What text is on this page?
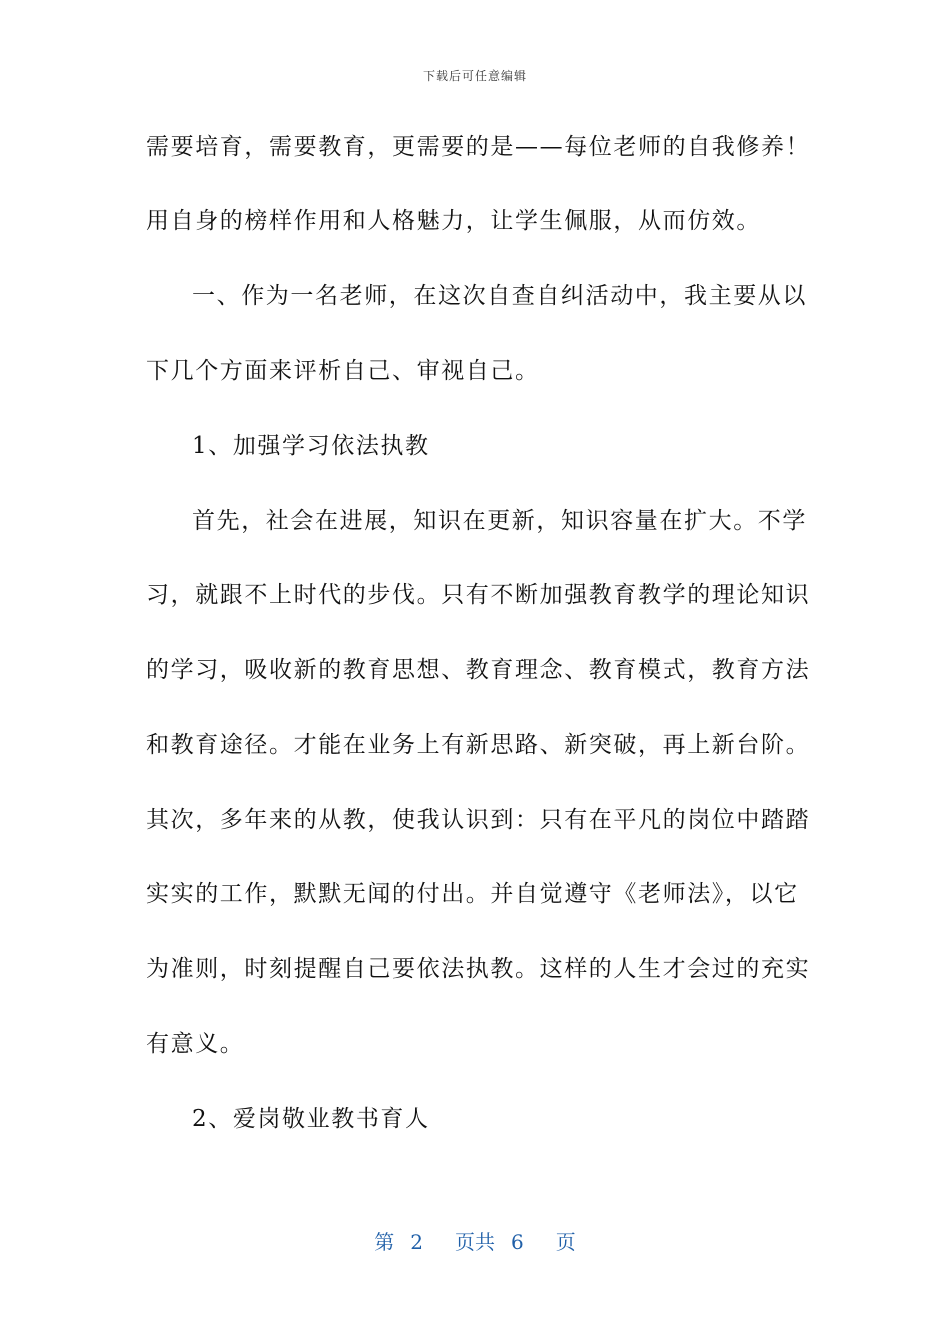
下载后可任意编辑
需要培育，需要教育，更需要的是——每位老师的自我修养！
用自身的榜样作用和人格魅力，让学生佩服，从而仿效。
一、作为一名老师，在这次自查自纠活动中，我主要从以
下几个方面来评析自己、审视自己。
1、加强学习依法执教
首先，社会在进展，知识在更新，知识容量在扩大。不学
习，就跟不上时代的步伐。只有不断加强教育教学的理论知识
的学习，吸收新的教育思想、教育理念、教育模式，教育方法
和教育途径。才能在业务上有新思路、新突破，再上新台阶。
其次，多年来的从教，使我认识到：只有在平凡的岗位中踏踏
实实的工作，默默无闻的付出。并自觉遵守《老师法》，以它
为准则，时刻提醒自己要依法执教。这样的人生才会过的充实
有意义。
2、爱岗敬业教书育人
第 2 页共 6 页
